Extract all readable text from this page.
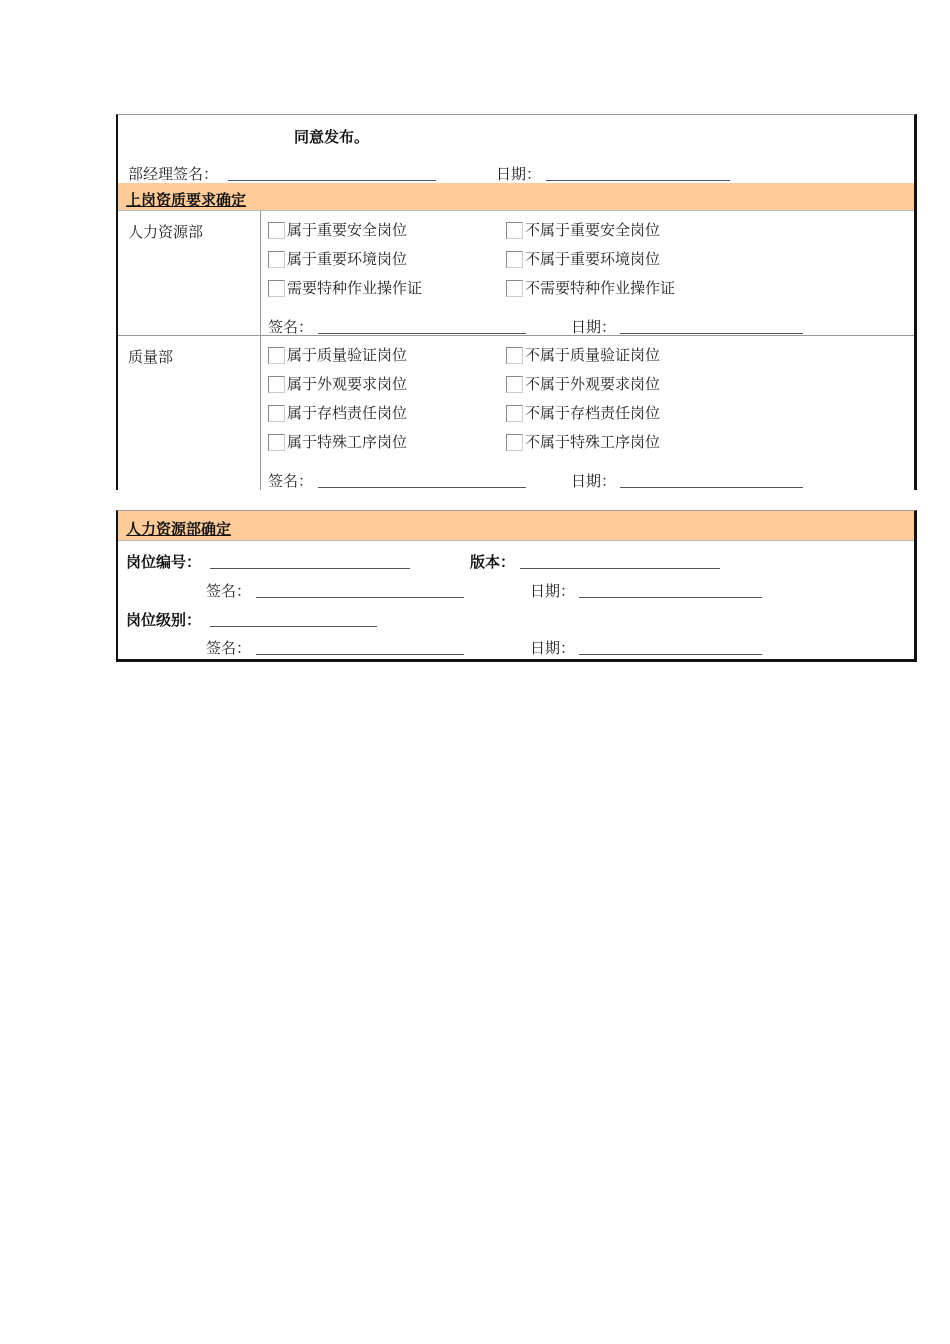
同意发布。
部经理签名：	日期：
上岗资质要求确定
人力资源部	属于重要安全岗位	不属于重要安全岗位
属于重要环境岗位	不属于重要环境岗位
需要特种作业操作证	不需要特种作业操作证
签名：	日期：
质量部	属于质量验证岗位	不属于质量验证岗位
属于外观要求岗位	不属于外观要求岗位
属于存档责任岗位	不属于存档责任岗位
属于特殊工序岗位	不属于特殊工序岗位
签名：	日期：
人力资源部确定
岗位编号：	版本：
签名：	日期：
岗位级别：
签名：	日期：
